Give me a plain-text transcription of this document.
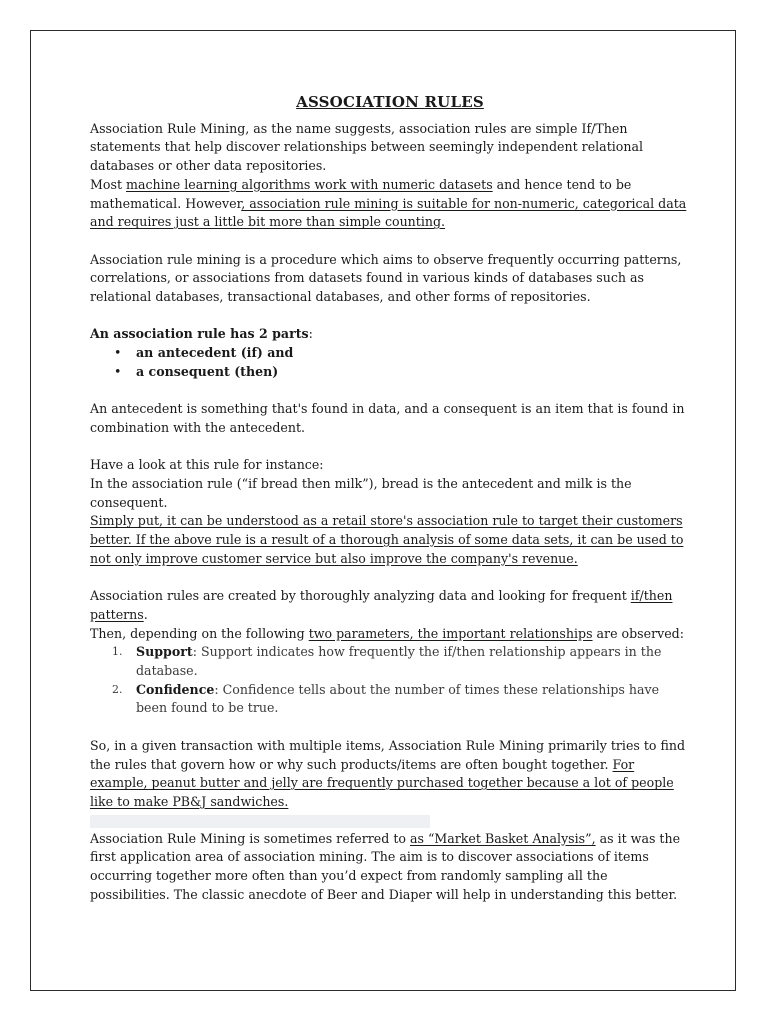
ASSOCIATION RULES

Association Rule Mining, as the name suggests, association rules are simple If/Then statements that help discover relationships between seemingly independent relational databases or other data repositories.
Most machine learning algorithms work with numeric datasets and hence tend to be mathematical. However, association rule mining is suitable for non-numeric, categorical data and requires just a little bit more than simple counting.

Association rule mining is a procedure which aims to observe frequently occurring patterns, correlations, or associations from datasets found in various kinds of databases such as relational databases, transactional databases, and other forms of repositories.

An association rule has 2 parts:

• an antecedent (if) and
• a consequent (then)

An antecedent is something that's found in data, and a consequent is an item that is found in combination with the antecedent.

Have a look at this rule for instance:
In the association rule (“if bread then milk”), bread is the antecedent and milk is the consequent.
Simply put, it can be understood as a retail store's association rule to target their customers better. If the above rule is a result of a thorough analysis of some data sets, it can be used to not only improve customer service but also improve the company's revenue.

Association rules are created by thoroughly analyzing data and looking for frequent if/then patterns.
Then, depending on the following two parameters, the important relationships are observed:

1. Support: Support indicates how frequently the if/then relationship appears in the database.
2. Confidence: Confidence tells about the number of times these relationships have been found to be true.

So, in a given transaction with multiple items, Association Rule Mining primarily tries to find the rules that govern how or why such products/items are often bought together. For example, peanut butter and jelly are frequently purchased together because a lot of people like to make PB&J sandwiches.

Association Rule Mining is sometimes referred to as “Market Basket Analysis”, as it was the first application area of association mining. The aim is to discover associations of items occurring together more often than you’d expect from randomly sampling all the possibilities. The classic anecdote of Beer and Diaper will help in understanding this better.
